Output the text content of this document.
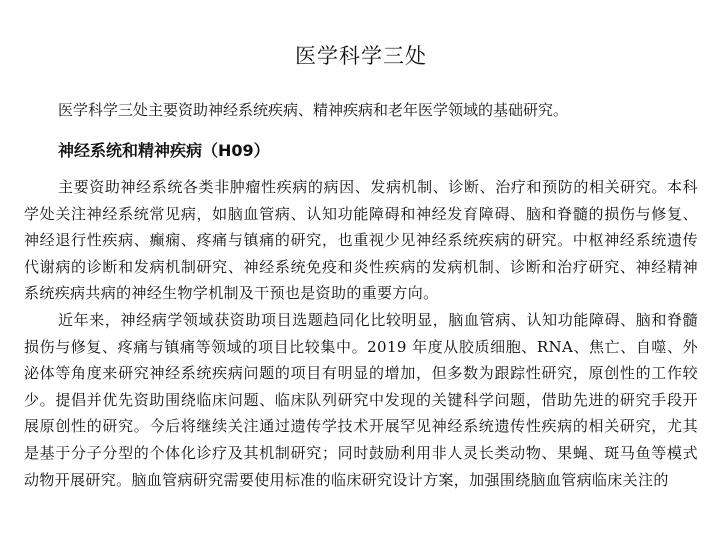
医学科学三处

医学科学三处主要资助神经系统疾病、精神疾病和老年医学领域的基础研究。

神经系统和精神疾病（H09）

主要资助神经系统各类非肿瘤性疾病的病因、发病机制、诊断、治疗和预防的相关研究。本科学处关注神经系统常见病，如脑血管病、认知功能障碍和神经发育障碍、脑和脊髓的损伤与修复、神经退行性疾病、癫痫、疼痛与镇痛的研究，也重视少见神经系统疾病的研究。中枢神经系统遗传代谢病的诊断和发病机制研究、神经系统免疫和炎性疾病的发病机制、诊断和治疗研究、神经精神系统疾病共病的神经生物学机制及干预也是资助的重要方向。

近年来，神经病学领域获资助项目选题趋同化比较明显，脑血管病、认知功能障碍、脑和脊髓损伤与修复、疼痛与镇痛等领域的项目比较集中。2019 年度从胶质细胞、RNA、焦亡、自噬、外泌体等角度来研究神经系统疾病问题的项目有明显的增加，但多数为跟踪性研究，原创性的工作较少。提倡并优先资助围绕临床问题、临床队列研究中发现的关键科学问题，借助先进的研究手段开展原创性的研究。今后将继续关注通过遗传学技术开展罕见神经系统遗传性疾病的相关研究，尤其是基于分子分型的个体化诊疗及其机制研究；同时鼓励利用非人灵长类动物、果蝇、斑马鱼等模式动物开展研究。脑血管病研究需要使用标准的临床研究设计方案，加强围绕脑血管病临床关注的
